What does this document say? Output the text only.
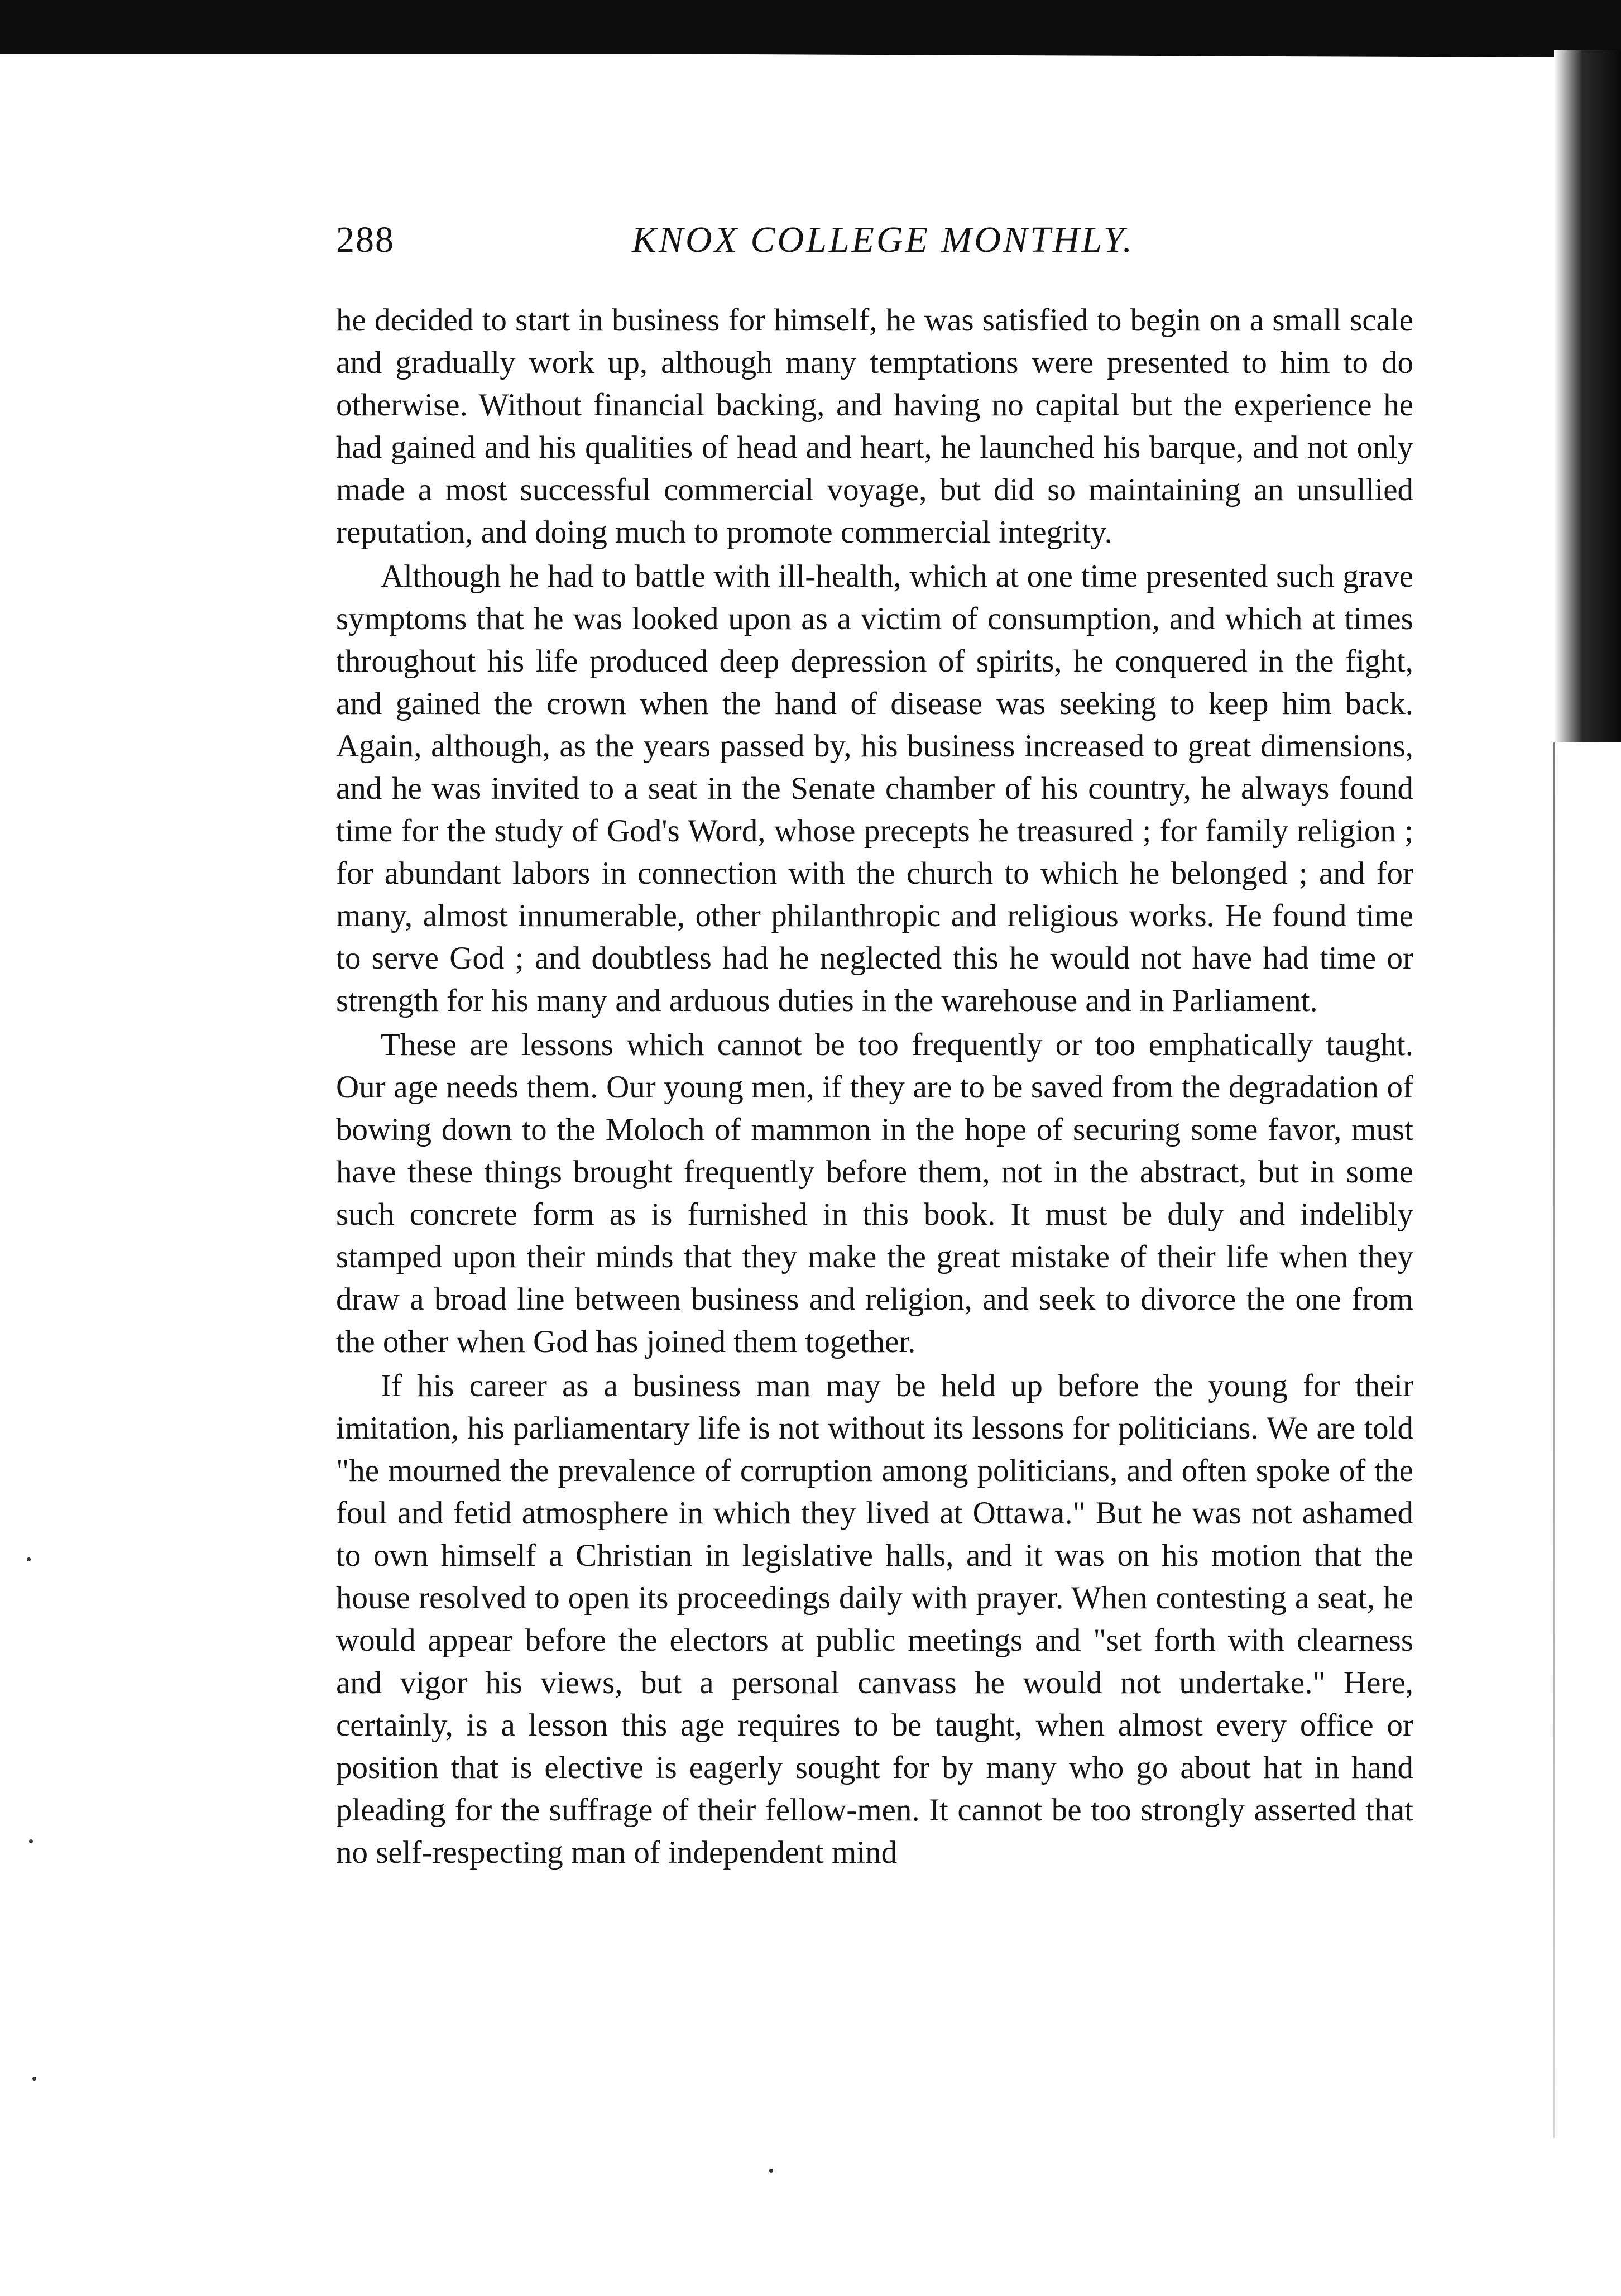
288	KNOX COLLEGE MONTHLY.

he decided to start in business for himself, he was satisfied to begin on a small scale and gradually work up, although many temptations were presented to him to do otherwise. Without financial backing, and having no capital but the experience he had gained and his qualities of head and heart, he launched his barque, and not only made a most successful commercial voyage, but did so maintaining an unsullied reputation, and doing much to promote commercial integrity.

Although he had to battle with ill-health, which at one time presented such grave symptoms that he was looked upon as a victim of consumption, and which at times throughout his life produced deep depression of spirits, he conquered in the fight, and gained the crown when the hand of disease was seeking to keep him back. Again, although, as the years passed by, his business increased to great dimensions, and he was invited to a seat in the Senate chamber of his country, he always found time for the study of God's Word, whose precepts he treasured ; for family religion ; for abundant labors in connection with the church to which he belonged ; and for many, almost innumerable, other philanthropic and religious works. He found time to serve God ; and doubtless had he neglected this he would not have had time or strength for his many and arduous duties in the warehouse and in Parliament.

These are lessons which cannot be too frequently or too emphatically taught. Our age needs them. Our young men, if they are to be saved from the degradation of bowing down to the Moloch of mammon in the hope of securing some favor, must have these things brought frequently before them, not in the abstract, but in some such concrete form as is furnished in this book. It must be duly and indelibly stamped upon their minds that they make the great mistake of their life when they draw a broad line between business and religion, and seek to divorce the one from the other when God has joined them together.

If his career as a business man may be held up before the young for their imitation, his parliamentary life is not without its lessons for politicians. We are told "he mourned the prevalence of corruption among politicians, and often spoke of the foul and fetid atmosphere in which they lived at Ottawa." But he was not ashamed to own himself a Christian in legislative halls, and it was on his motion that the house resolved to open its proceedings daily with prayer. When contesting a seat, he would appear before the electors at public meetings and "set forth with clearness and vigor his views, but a personal canvass he would not undertake." Here, certainly, is a lesson this age requires to be taught, when almost every office or position that is elective is eagerly sought for by many who go about hat in hand pleading for the suffrage of their fellow-men. It cannot be too strongly asserted that no self-respecting man of independent mind
